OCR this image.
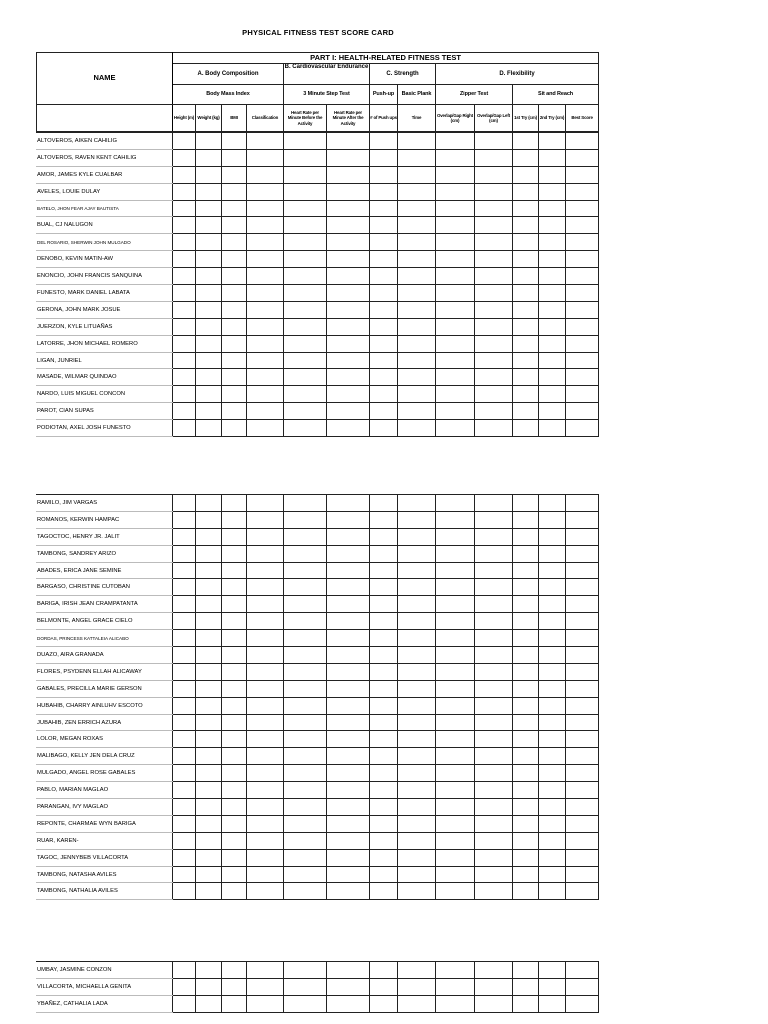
PHYSICAL FITNESS TEST SCORE CARD
NAME	PART I: HEALTH-RELATED FITNESS TEST												
	A. Body Composition				B. Cardiovascular Endurance		C. Strength		D. Flexibility				
	Body Mass Index				3 Minute Step Test		Push-up	Basic Plank	Zipper Test		Sit and Reach		
	Height (m)	Weight (kg)	BMI	Classification	Heart Rate per Minute Before the Activity	Heart Rate per Minute After the Activity	# of Push ups	Time	Overlap/Gap Right (cm)	Overlap/Gap Left (cm)	1st Try (cm)	2nd Try (cm)	Best Score
ALTOVEROS, AIKEN CAHILIG													
ALTOVEROS, RAVEN KENT CAHILIG													
AMOR, JAMES KYLE CUALBAR													
AVELES, LOUIE DULAY													
BATELO, JHON FEAR AJAY BAUTISTA													
BUAL, CJ NALUGON													
DEL ROSARIO, SHERWIN JOHN MULGADO													
DENOBO, KEVIN MATIN-AW													
ENONCIO, JOHN FRANCIS SANQUINA													
FUNESTO, MARK DANIEL LABATA													
GERONA, JOHN MARK JOSUE													
JUERZON, KYLE LITUAÑAS													
LATORRE, JHON MICHAEL ROMERO													
LIGAN, JUNRIEL													
MASADE, WILMAR QUINDAO													
NARDO, LUIS MIGUEL CONCON													
PAROT, CIAN SUPAS													
PODIOTAN, AXEL JOSH FUNESTO													
RAMILO, JIM VARGAS													
ROMANOS, KERWIN HAMPAC													
TAGOCTOC, HENRY JR. JALIT													
TAMBONG, SANDREY ARIZO													
ABADES, ERICA JANE SEMINE													
BARGASO, CHRISTINE CUTOBAN													
BARIGA, IRISH JEAN CRAMPATANTA													
BELMONTE, ANGEL GRACE CIELO													
DORDAS, PRINCESS KATTALEIA ALICABO													
DUAZO, AIRA GRANADA													
FLORES, PSYDENN ELLAH ALICAWAY													
GABALES, PRECILLA MARIE GERSON													
HUBAHIB, CHARRY AINLUHV ESCOTO													
JUBAHIB, ZEN ERRICH AZURA													
LOLOR, MEGAN ROXAS													
MALIBAGO, KELLY JEN DELA CRUZ													
MULGADO, ANGEL ROSE GABALES													
PABLO, MARIAN MAGLAO													
PARANGAN, IVY MAGLAO													
REPONTE, CHARMAE WYN BARIGA													
RUAR, KAREN-													
TAGOC, JENNYBEB VILLACORTA													
TAMBONG, NATASHA AVILES													
TAMBONG, NATHALIA AVILES													
UMBAY, JASMINE CONZON													
VILLACORTA, MICHAELLA GENITA													
YBAÑEZ, CATHALIA LADA													
